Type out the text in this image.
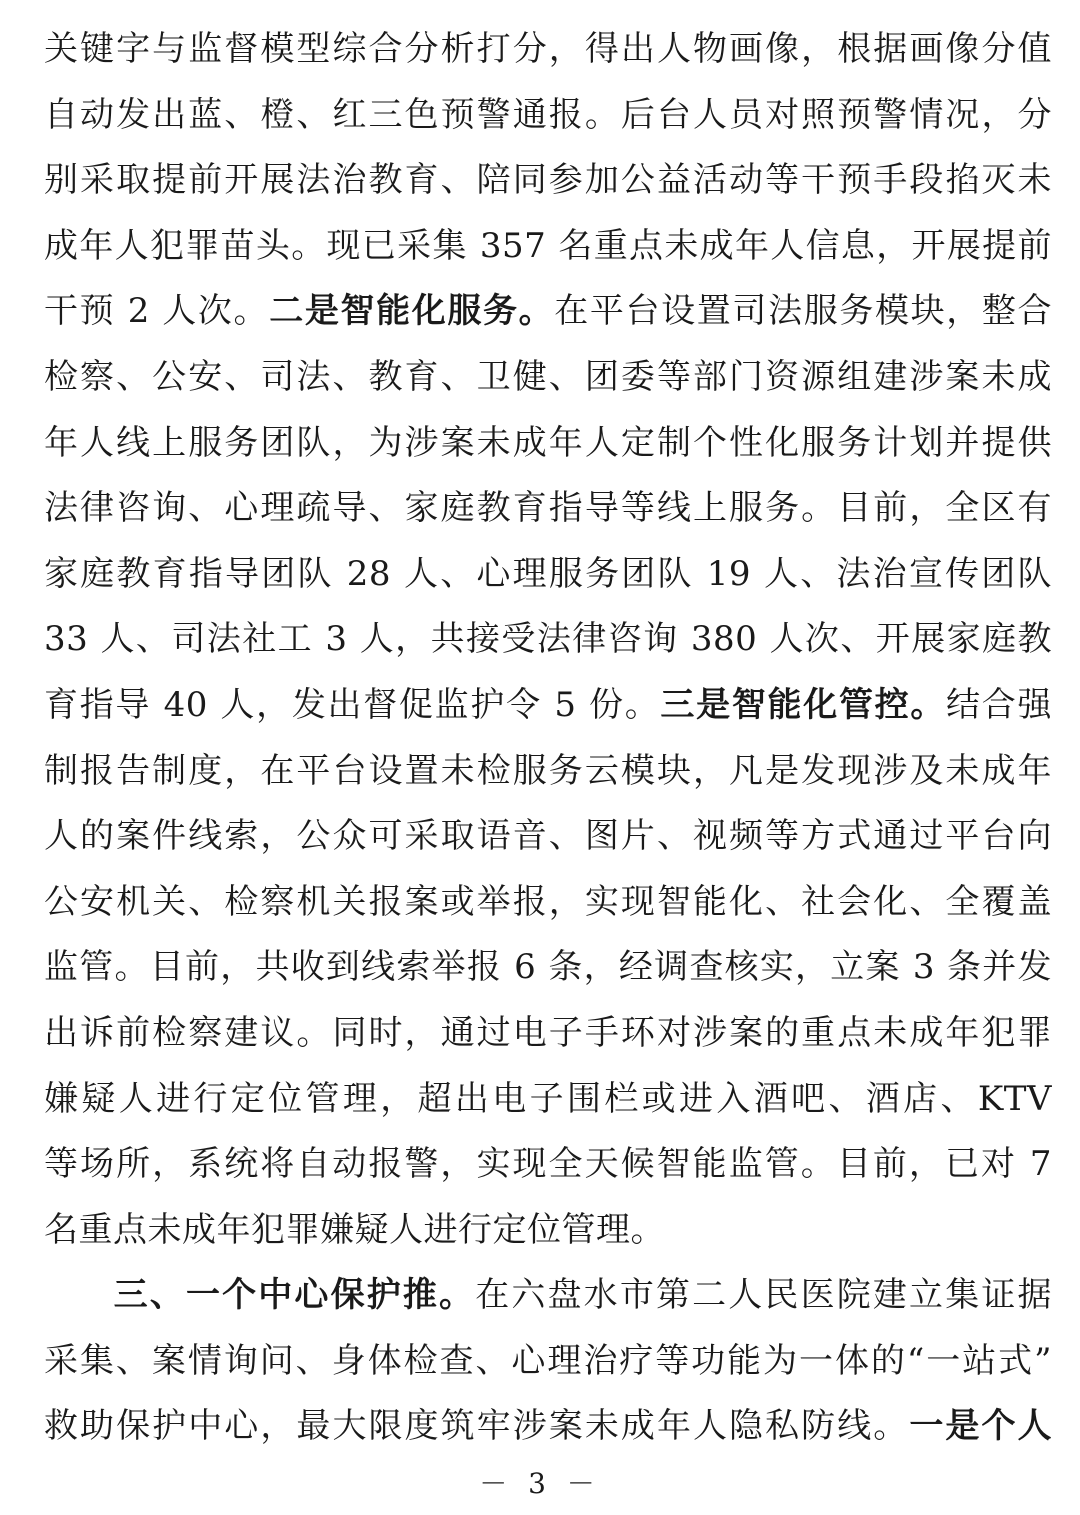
关键字与监督模型综合分析打分，得出人物画像，根据画像分值
自动发出蓝、橙、红三色预警通报。后台人员对照预警情况，分
别采取提前开展法治教育、陪同参加公益活动等干预手段掐灭未
成年人犯罪苗头。现已采集 357 名重点未成年人信息，开展提前
干预 2 人次。二是智能化服务。在平台设置司法服务模块，整合
检察、公安、司法、教育、卫健、团委等部门资源组建涉案未成
年人线上服务团队，为涉案未成年人定制个性化服务计划并提供
法律咨询、心理疏导、家庭教育指导等线上服务。目前，全区有
家庭教育指导团队 28 人、心理服务团队 19 人、法治宣传团队
33 人、司法社工 3 人，共接受法律咨询 380 人次、开展家庭教
育指导 40 人，发出督促监护令 5 份。三是智能化管控。结合强
制报告制度，在平台设置未检服务云模块，凡是发现涉及未成年
人的案件线索，公众可采取语音、图片、视频等方式通过平台向
公安机关、检察机关报案或举报，实现智能化、社会化、全覆盖
监管。目前，共收到线索举报 6 条，经调查核实，立案 3 条并发
出诉前检察建议。同时，通过电子手环对涉案的重点未成年犯罪
嫌疑人进行定位管理，超出电子围栏或进入酒吧、酒店、KTV
等场所，系统将自动报警，实现全天候智能监管。目前，已对 7
名重点未成年犯罪嫌疑人进行定位管理。
三、一个中心保护推。在六盘水市第二人民医院建立集证据
采集、案情询问、身体检查、心理治疗等功能为一体的“一站式”
救助保护中心，最大限度筑牢涉案未成年人隐私防线。一是个人
－ 3 －
